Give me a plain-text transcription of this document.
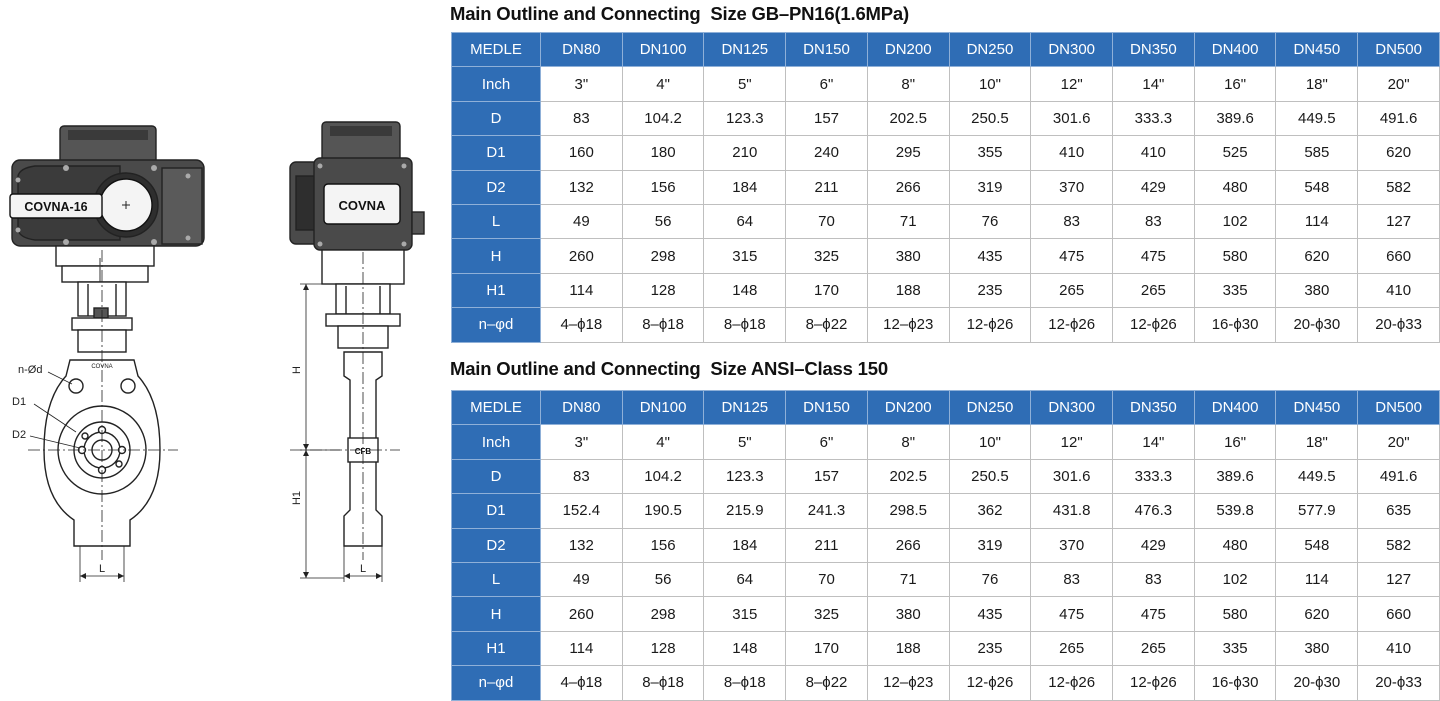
COVNA-16
COVNA
n-Ød
D1
D2
L
COVNA
CFB
H
H1
L
Main Outline and Connecting  Size GB–PN16(1.6MPa)
MEDLE	DN80	DN100	DN125	DN150	DN200	DN250	DN300	DN350	DN400	DN450	DN500
Inch	3"	4"	5"	6"	8"	10"	12"	14"	16"	18"	20"
D	83	104.2	123.3	157	202.5	250.5	301.6	333.3	389.6	449.5	491.6
D1	160	180	210	240	295	355	410	410	525	585	620
D2	132	156	184	211	266	319	370	429	480	548	582
L	49	56	64	70	71	76	83	83	102	114	127
H	260	298	315	325	380	435	475	475	580	620	660
H1	114	128	148	170	188	235	265	265	335	380	410
n–φd	4–ϕ18	8–ϕ18	8–ϕ18	8–ϕ22	12–ϕ23	12-ϕ26	12-ϕ26	12-ϕ26	16-ϕ30	20-ϕ30	20-ϕ33
Main Outline and Connecting  Size ANSI–Class 150
MEDLE	DN80	DN100	DN125	DN150	DN200	DN250	DN300	DN350	DN400	DN450	DN500
Inch	3"	4"	5"	6"	8"	10"	12"	14"	16"	18"	20"
D	83	104.2	123.3	157	202.5	250.5	301.6	333.3	389.6	449.5	491.6
D1	152.4	190.5	215.9	241.3	298.5	362	431.8	476.3	539.8	577.9	635
D2	132	156	184	211	266	319	370	429	480	548	582
L	49	56	64	70	71	76	83	83	102	114	127
H	260	298	315	325	380	435	475	475	580	620	660
H1	114	128	148	170	188	235	265	265	335	380	410
n–φd	4–ϕ18	8–ϕ18	8–ϕ18	8–ϕ22	12–ϕ23	12-ϕ26	12-ϕ26	12-ϕ26	16-ϕ30	20-ϕ30	20-ϕ33
